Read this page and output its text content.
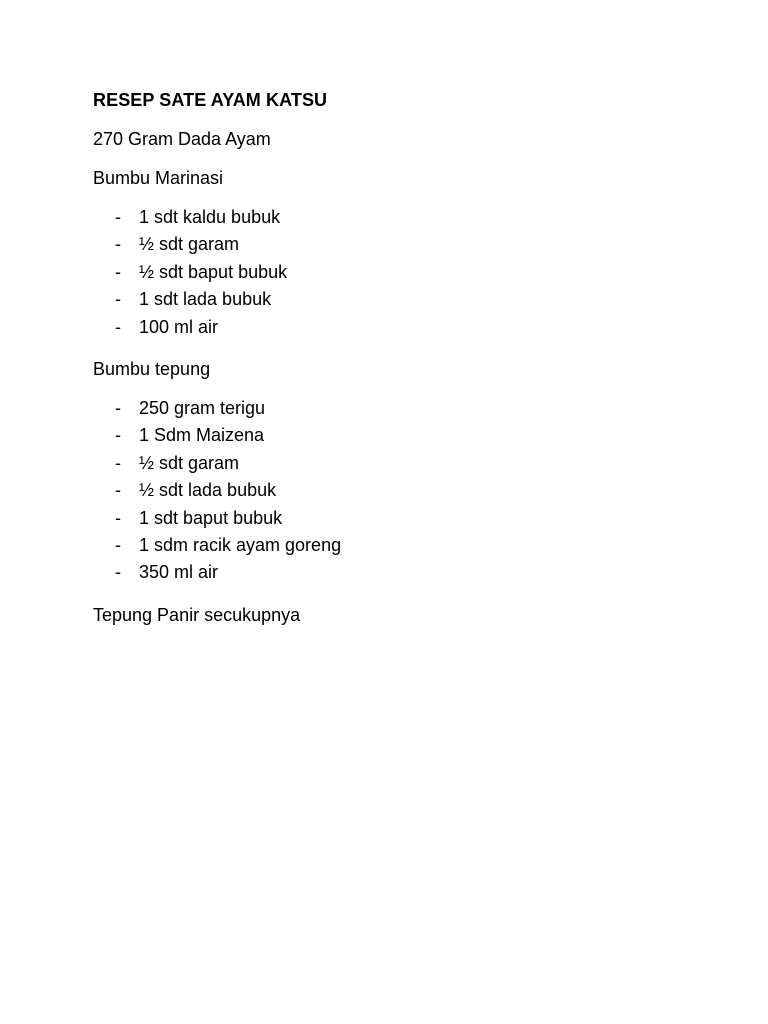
RESEP SATE AYAM KATSU
270 Gram Dada Ayam
Bumbu Marinasi
- 1 sdt kaldu bubuk
- ½ sdt garam
- ½ sdt baput bubuk
- 1 sdt lada bubuk
- 100 ml air
Bumbu tepung
- 250 gram terigu
- 1 Sdm Maizena
- ½ sdt garam
- ½ sdt lada bubuk
- 1 sdt baput bubuk
- 1 sdm racik ayam goreng
- 350 ml air
Tepung Panir secukupnya
